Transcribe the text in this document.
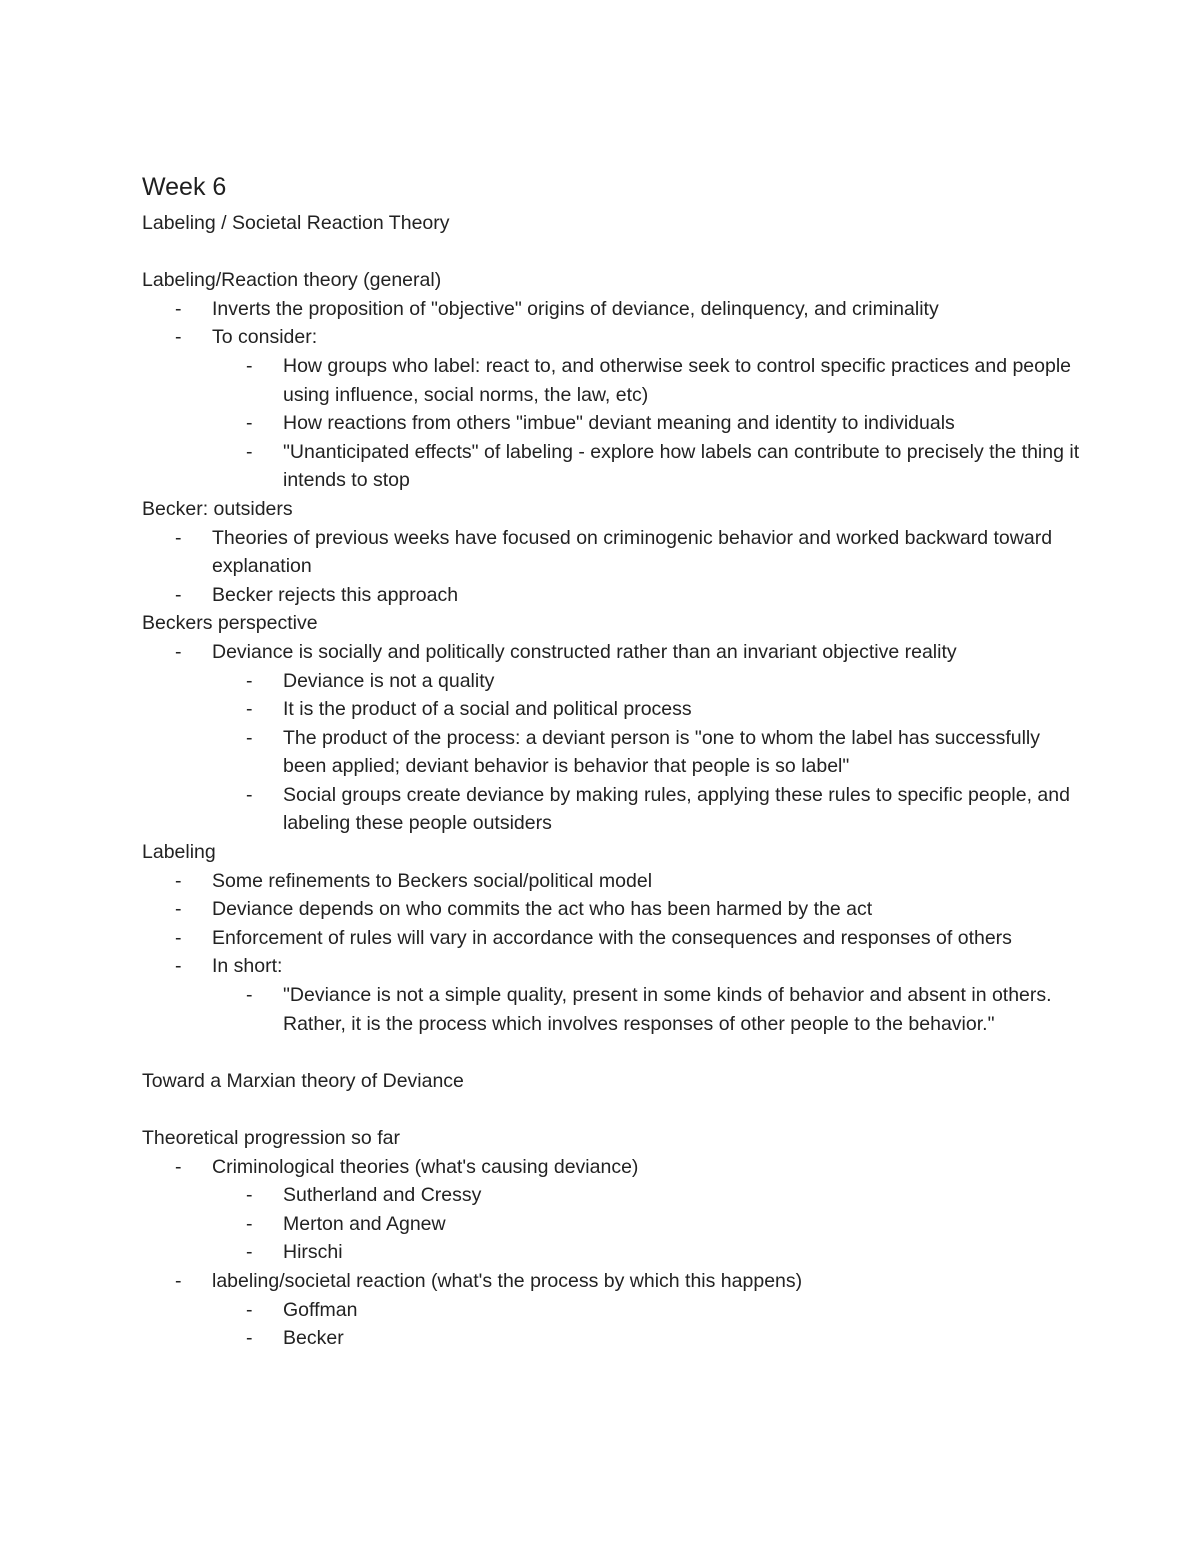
Week 6

Labeling / Societal Reaction Theory

Labeling/Reaction theory (general)

- Inverts the proposition of "objective" origins of deviance, delinquency, and criminality
- To consider:
- How groups who label: react to, and otherwise seek to control specific practices and people using influence, social norms, the law, etc)
- How reactions from others "imbue" deviant meaning and identity to individuals
- "Unanticipated effects" of labeling - explore how labels can contribute to precisely the thing it intends to stop

Becker: outsiders

- Theories of previous weeks have focused on criminogenic behavior and worked backward toward explanation
- Becker rejects this approach

Beckers perspective

- Deviance is socially and politically constructed rather than an invariant objective reality
- Deviance is not a quality
- It is the product of a social and political process
- The product of the process: a deviant person is "one to whom the label has successfully been applied; deviant behavior is behavior that people is so label"
- Social groups create deviance by making rules, applying these rules to specific people, and labeling these people outsiders

Labeling

- Some refinements to Beckers social/political model
- Deviance depends on who commits the act who has been harmed by the act
- Enforcement of rules will vary in accordance with the consequences and responses of others
- In short:
- "Deviance is not a simple quality, present in some kinds of behavior and absent in others. Rather, it is the process which involves responses of other people to the behavior."

Toward a Marxian theory of Deviance

Theoretical progression so far

- Criminological theories (what's causing deviance)
- Sutherland and Cressy
- Merton and Agnew
- Hirschi
- labeling/societal reaction (what's the process by which this happens)
- Goffman
- Becker
